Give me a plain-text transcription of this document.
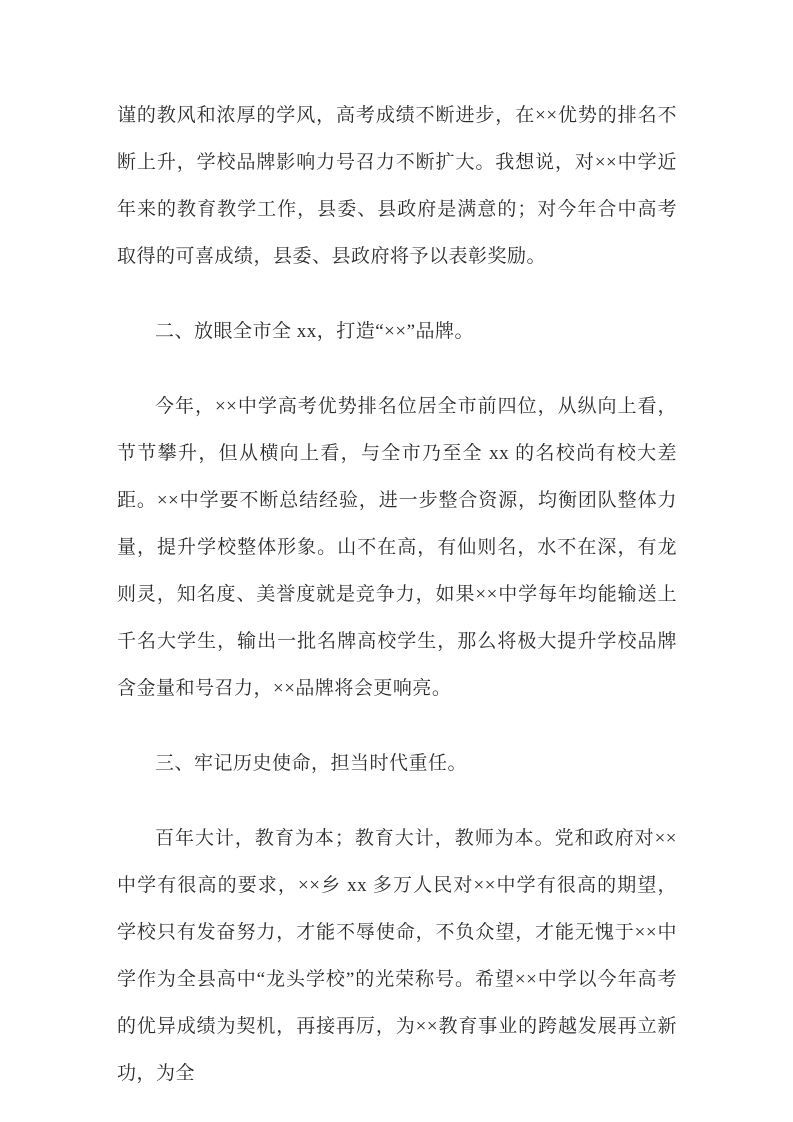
谨的教风和浓厚的学风，高考成绩不断进步，在××优势的排名不断上升，学校品牌影响力号召力不断扩大。我想说，对××中学近年来的教育教学工作，县委、县政府是满意的；对今年合中高考取得的可喜成绩，县委、县政府将予以表彰奖励。

二、放眼全市全 xx，打造“××”品牌。

今年，××中学高考优势排名位居全市前四位，从纵向上看，节节攀升，但从横向上看，与全市乃至全 xx 的名校尚有校大差距。××中学要不断总结经验，进一步整合资源，均衡团队整体力量，提升学校整体形象。山不在高，有仙则名，水不在深，有龙则灵，知名度、美誉度就是竞争力，如果××中学每年均能输送上千名大学生，输出一批名牌高校学生，那么将极大提升学校品牌含金量和号召力，××品牌将会更响亮。

三、牢记历史使命，担当时代重任。

百年大计，教育为本；教育大计，教师为本。党和政府对××中学有很高的要求，××乡 xx 多万人民对××中学有很高的期望，学校只有发奋努力，才能不辱使命，不负众望，才能无愧于××中学作为全县高中“龙头学校”的光荣称号。希望××中学以今年高考的优异成绩为契机，再接再厉，为××教育事业的跨越发展再立新功，为全
